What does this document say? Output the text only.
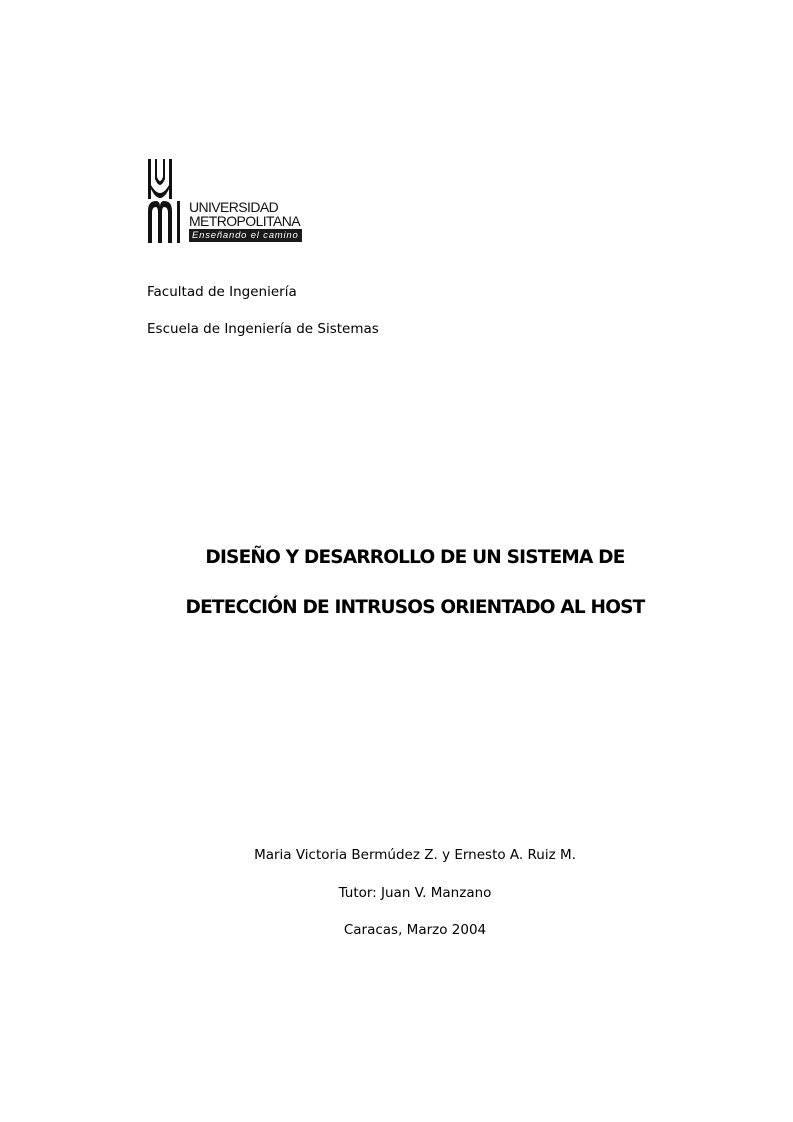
UNIVERSIDAD
METROPOLITANA
Enseñando el camino
Facultad de Ingeniería
Escuela de Ingeniería de Sistemas
DISEÑO Y DESARROLLO DE UN SISTEMA DE
DETECCIÓN DE INTRUSOS ORIENTADO AL HOST
Maria Victoria Bermúdez Z. y Ernesto A. Ruiz M.
Tutor: Juan V. Manzano
Caracas, Marzo 2004
